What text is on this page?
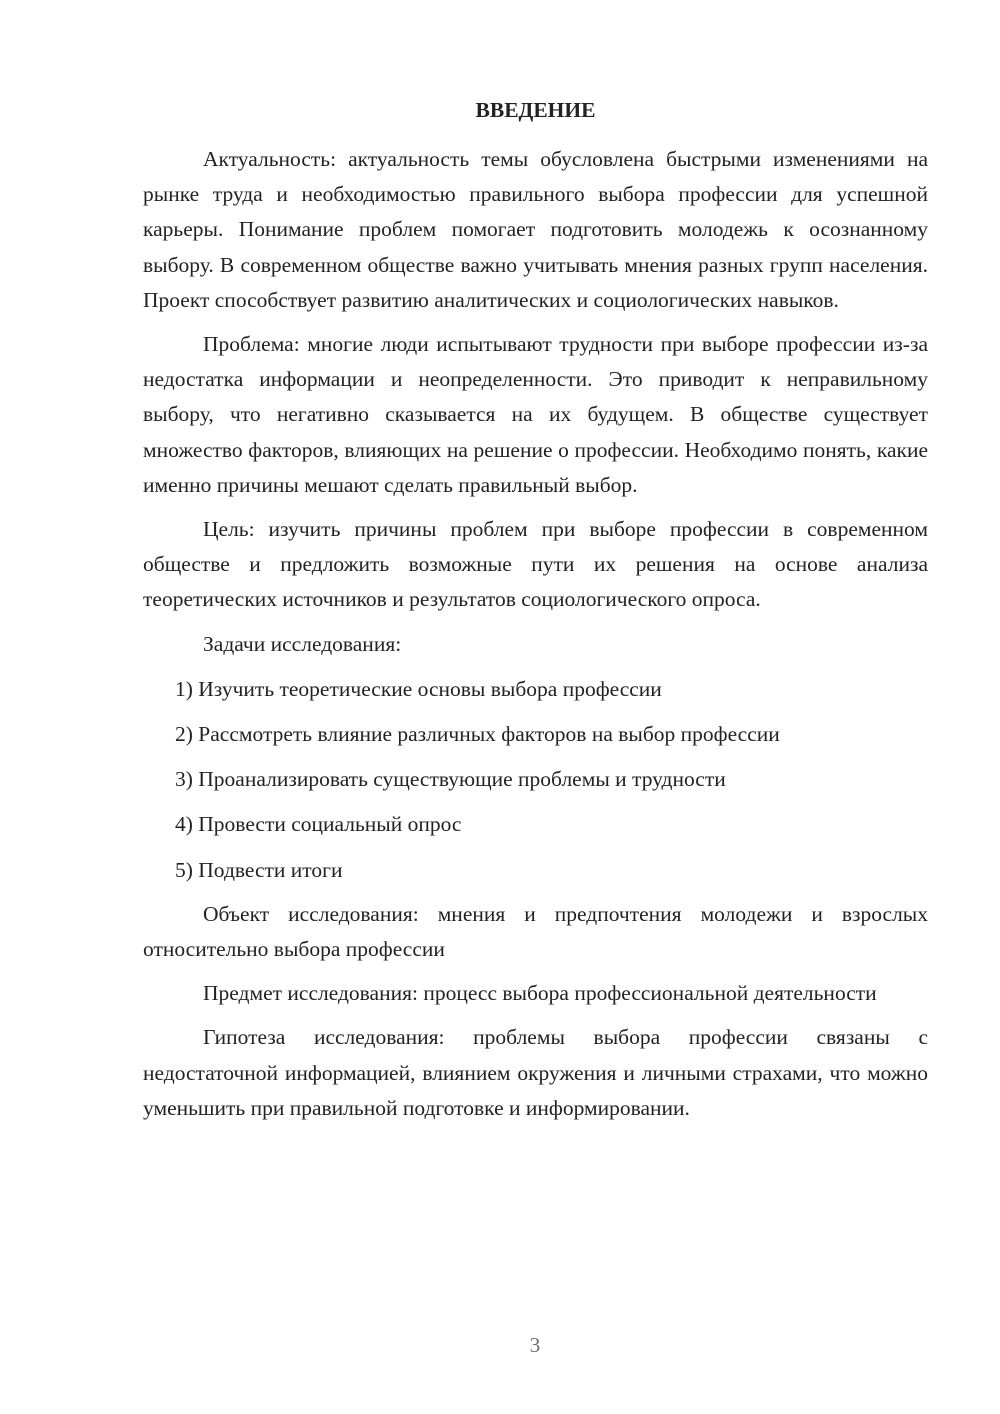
ВВЕДЕНИЕ

Актуальность: актуальность темы обусловлена быстрыми изменениями на рынке труда и необходимостью правильного выбора профессии для успешной карьеры. Понимание проблем помогает подготовить молодежь к осознанному выбору. В современном обществе важно учитывать мнения разных групп населения. Проект способствует развитию аналитических и социологических навыков.

Проблема: многие люди испытывают трудности при выборе профессии из-за недостатка информации и неопределенности. Это приводит к неправильному выбору, что негативно сказывается на их будущем. В обществе существует множество факторов, влияющих на решение о профессии. Необходимо понять, какие именно причины мешают сделать правильный выбор.

Цель: изучить причины проблем при выборе профессии в современном обществе и предложить возможные пути их решения на основе анализа теоретических источников и результатов социологического опроса.

Задачи исследования:

1) Изучить теоретические основы выбора профессии

2) Рассмотреть влияние различных факторов на выбор профессии

3) Проанализировать существующие проблемы и трудности

4) Провести социальный опрос

5) Подвести итоги

Объект исследования: мнения и предпочтения молодежи и взрослых относительно выбора профессии

Предмет исследования: процесс выбора профессиональной деятельности

Гипотеза исследования: проблемы выбора профессии связаны с недостаточной информацией, влиянием окружения и личными страхами, что можно уменьшить при правильной подготовке и информировании.

3
